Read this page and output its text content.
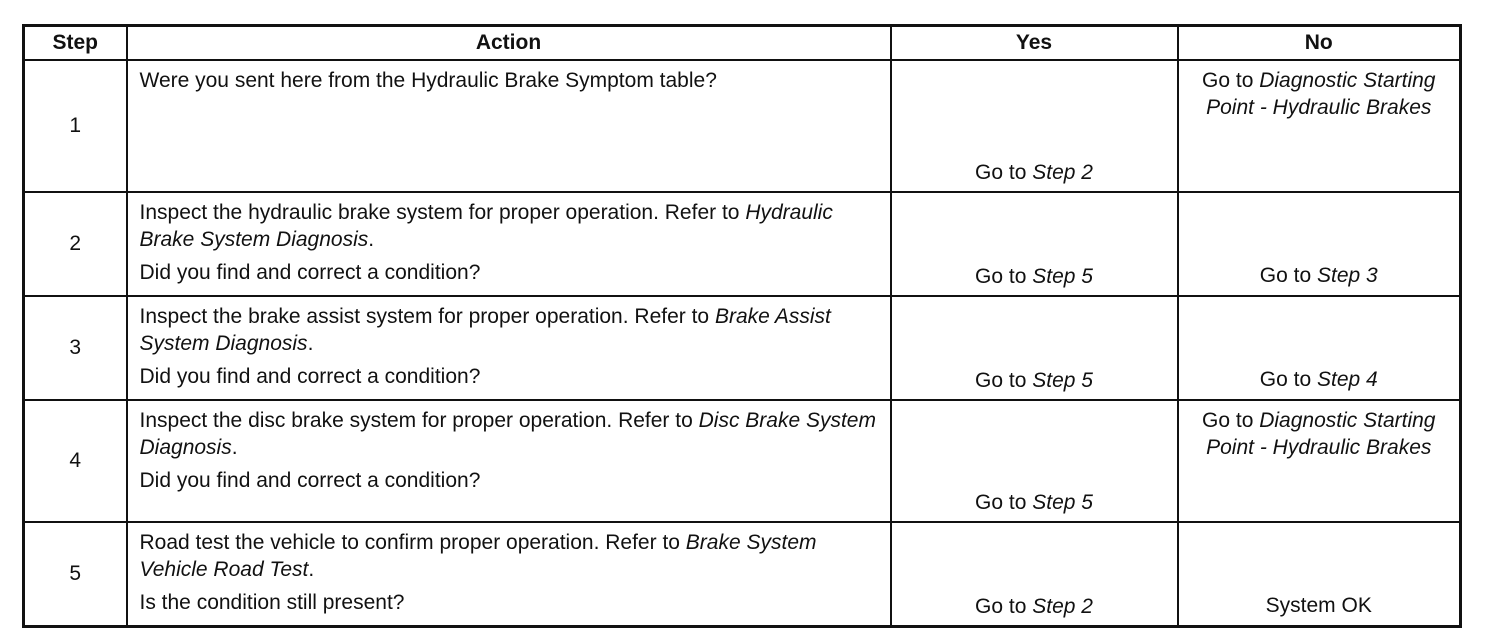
Step	Action	Yes	No
1	Were you sent here from the Hydraulic Brake Symptom table?	Go to Step 2	Go to Diagnostic Starting Point - Hydraulic Brakes
2	Inspect the hydraulic brake system for proper operation. Refer to Hydraulic Brake System Diagnosis.

Did you find and correct a condition?	Go to Step 5	Go to Step 3
3	Inspect the brake assist system for proper operation. Refer to Brake Assist System Diagnosis.

Did you find and correct a condition?	Go to Step 5	Go to Step 4
4	Inspect the disc brake system for proper operation. Refer to Disc Brake System Diagnosis.

Did you find and correct a condition?	Go to Step 5	Go to Diagnostic Starting Point - Hydraulic Brakes
5	Road test the vehicle to confirm proper operation. Refer to Brake System Vehicle Road Test.

Is the condition still present?	Go to Step 2	System OK
